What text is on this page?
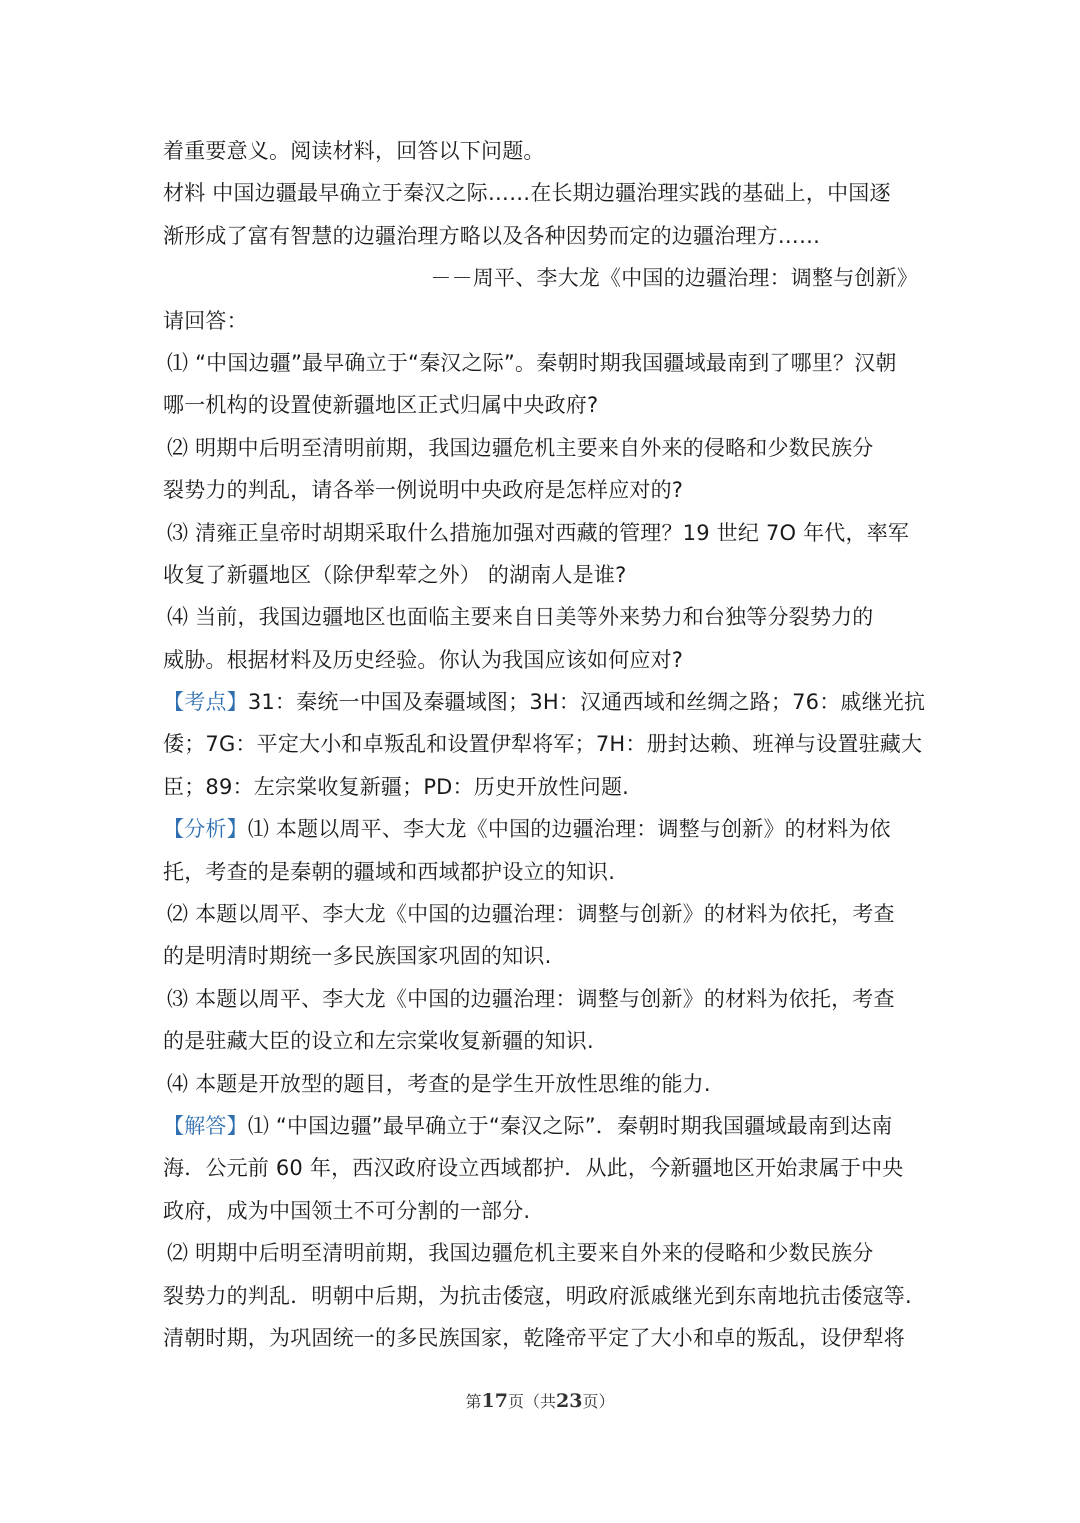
着重要意义。阅读材料，回答以下问题。
材料 中国边疆最早确立于秦汉之际……在长期边疆治理实践的基础上，中国逐
渐形成了富有智慧的边疆治理方略以及各种因势而定的边疆治理方……
－－周平、李大龙《中国的边疆治理：调整与创新》
请回答：
⑴ “中国边疆”最早确立于“秦汉之际”。秦朝时期我国疆域最南到了哪里？汉朝
哪一机构的设置使新疆地区正式归属中央政府?
⑵ 明期中后明至清明前期，我国边疆危机主要来自外来的侵略和少数民族分
裂势力的判乱，请各举一例说明中央政府是怎样应对的?
⑶ 清雍正皇帝时胡期采取什么措施加强对西藏的管理？19 世纪 7O 年代，率军
收复了新疆地区（除伊犁荤之外） 的湖南人是谁?
⑷ 当前，我国边疆地区也面临主要来自日美等外来势力和台独等分裂势力的
威胁。根据材料及历史经验。你认为我国应该如何应对?
【考点】31：秦统一中国及秦疆域图；3H：汉通西域和丝绸之路；76：戚继光抗
倭；7G：平定大小和卓叛乱和设置伊犁将军；7H：册封达赖、班禅与设置驻藏大
臣；89：左宗棠收复新疆；PD：历史开放性问题.
【分析】⑴ 本题以周平、李大龙《中国的边疆治理：调整与创新》的材料为依
托，考查的是秦朝的疆域和西域都护设立的知识.
⑵ 本题以周平、李大龙《中国的边疆治理：调整与创新》的材料为依托，考查
的是明清时期统一多民族国家巩固的知识.
⑶ 本题以周平、李大龙《中国的边疆治理：调整与创新》的材料为依托，考查
的是驻藏大臣的设立和左宗棠收复新疆的知识.
⑷ 本题是开放型的题目，考查的是学生开放性思维的能力.
【解答】⑴ “中国边疆”最早确立于“秦汉之际”．秦朝时期我国疆域最南到达南
海．公元前 60 年，西汉政府设立西域都护．从此，今新疆地区开始隶属于中央
政府，成为中国领土不可分割的一部分.
⑵ 明期中后明至清明前期，我国边疆危机主要来自外来的侵略和少数民族分
裂势力的判乱．明朝中后期，为抗击倭寇，明政府派戚继光到东南地抗击倭寇等.
清朝时期，为巩固统一的多民族国家，乾隆帝平定了大小和卓的叛乱，设伊犁将
第17页（共23页）
